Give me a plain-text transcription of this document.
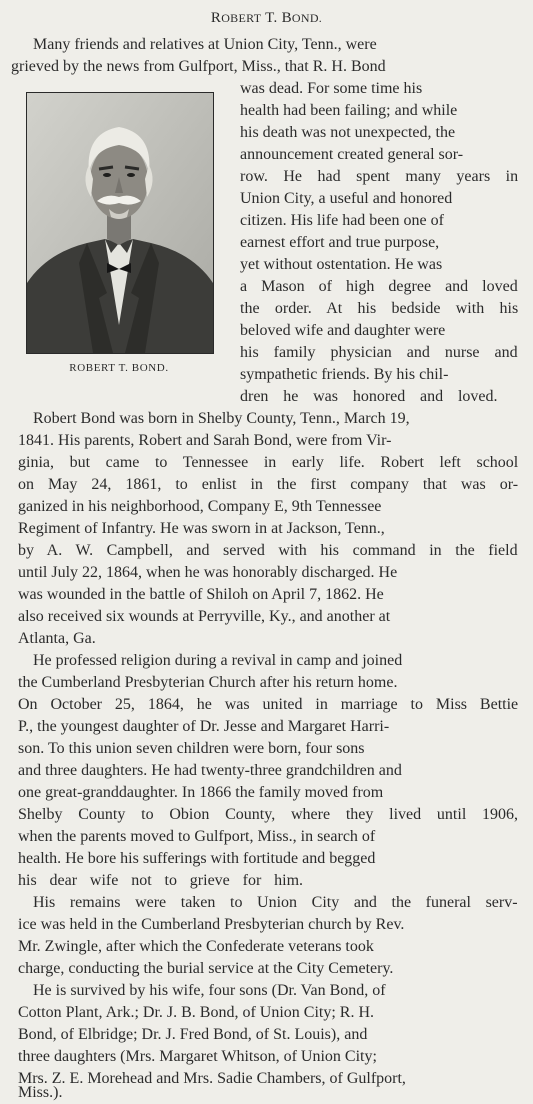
ROBERT T. BOND.
ROBERT T. BOND.
Many friends and relatives at Union City, Tenn., were
grieved by the news from Gulfport, Miss., that R. H. Bond
was dead. For some time his
health had been failing; and while
his death was not unexpected, the
announcement created general sor-
row. He had spent many years in
Union City, a useful and honored
citizen. His life had been one of
earnest effort and true purpose,
yet without ostentation. He was
a Mason of high degree and loved
the order. At his bedside with his
beloved wife and daughter were
his family physician and nurse and
sympathetic friends. By his chil-
dren he was honored and loved.
Robert Bond was born in Shelby County, Tenn., March 19,
1841. His parents, Robert and Sarah Bond, were from Vir-
ginia, but came to Tennessee in early life. Robert left school
on May 24, 1861, to enlist in the first company that was or-
ganized in his neighborhood, Company E, 9th Tennessee
Regiment of Infantry. He was sworn in at Jackson, Tenn.,
by A. W. Campbell, and served with his command in the field
until July 22, 1864, when he was honorably discharged. He
was wounded in the battle of Shiloh on April 7, 1862. He
also received six wounds at Perryville, Ky., and another at
Atlanta, Ga.
He professed religion during a revival in camp and joined
the Cumberland Presbyterian Church after his return home.
On October 25, 1864, he was united in marriage to Miss Bettie
P., the youngest daughter of Dr. Jesse and Margaret Harri-
son. To this union seven children were born, four sons
and three daughters. He had twenty-three grandchildren and
one great-granddaughter. In 1866 the family moved from
Shelby County to Obion County, where they lived until 1906,
when the parents moved to Gulfport, Miss., in search of
health. He bore his sufferings with fortitude and begged
his dear wife not to grieve for him.
His remains were taken to Union City and the funeral serv-
ice was held in the Cumberland Presbyterian church by Rev.
Mr. Zwingle, after which the Confederate veterans took
charge, conducting the burial service at the City Cemetery.
He is survived by his wife, four sons (Dr. Van Bond, of
Cotton Plant, Ark.; Dr. J. B. Bond, of Union City; R. H.
Bond, of Elbridge; Dr. J. Fred Bond, of St. Louis), and
three daughters (Mrs. Margaret Whitson, of Union City;
Mrs. Z. E. Morehead and Mrs. Sadie Chambers, of Gulfport,
Miss.).
